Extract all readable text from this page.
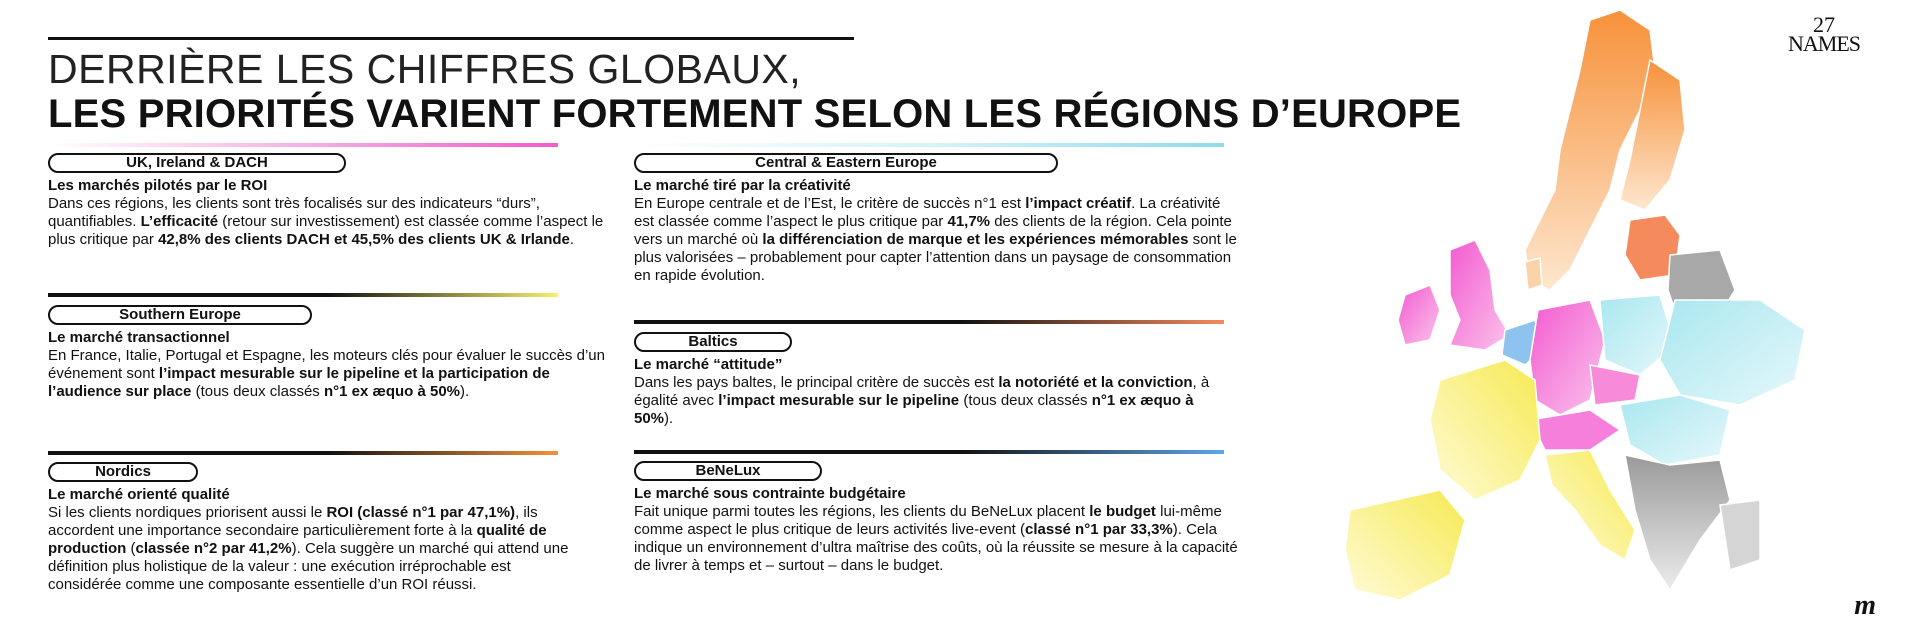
DERRIÈRE LES CHIFFRES GLOBAUX,
LES PRIORITÉS VARIENT FORTEMENT SELON LES RÉGIONS D’EUROPE
UK, Ireland & DACH
Les marchés pilotés par le ROI
Dans ces régions, les clients sont très focalisés sur des indicateurs “durs”, quantifiables. L’efficacité (retour sur investissement) est classée comme l’aspect le plus critique par 42,8% des clients DACH et 45,5% des clients UK & Irlande.
Southern Europe
Le marché transactionnel
En France, Italie, Portugal et Espagne, les moteurs clés pour évaluer le succès d’un événement sont l’impact mesurable sur le pipeline et la participation de l’audience sur place (tous deux classés n°1 ex æquo à 50%).
Nordics
Le marché orienté qualité
Si les clients nordiques priorisent aussi le ROI (classé n°1 par 47,1%), ils accordent une importance secondaire particulièrement forte à la qualité de production (classée n°2 par 41,2%). Cela suggère un marché qui attend une définition plus holistique de la valeur : une exécution irréprochable est considérée comme une composante essentielle d’un ROI réussi.
Central & Eastern Europe
Le marché tiré par la créativité
En Europe centrale et de l’Est, le critère de succès n°1 est l’impact créatif. La créativité est classée comme l’aspect le plus critique par 41,7% des clients de la région. Cela pointe vers un marché où la différenciation de marque et les expériences mémorables sont le plus valorisées – probablement pour capter l’attention dans un paysage de consommation en rapide évolution.
Baltics
Le marché “attitude”
Dans les pays baltes, le principal critère de succès est la notoriété et la conviction, à égalité avec l’impact mesurable sur le pipeline (tous deux classés n°1 ex æquo à 50%).
BeNeLux
Le marché sous contrainte budgétaire
Fait unique parmi toutes les régions, les clients du BeNeLux placent le budget lui-même comme aspect le plus critique de leurs activités live-event (classé n°1 par 33,3%). Cela indique un environnement d’ultra maîtrise des coûts, où la réussite se mesure à la capacité de livrer à temps et – surtout – dans le budget.
27
NAMES
m
